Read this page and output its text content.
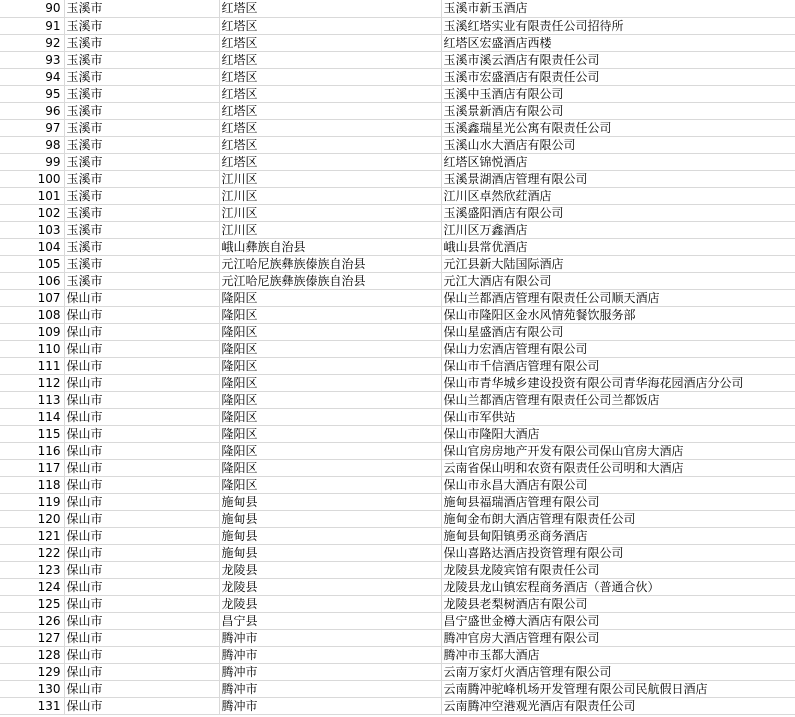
90	玉溪市	红塔区	玉溪市新玉酒店
91	玉溪市	红塔区	玉溪红塔实业有限责任公司招待所
92	玉溪市	红塔区	红塔区宏盛酒店西楼
93	玉溪市	红塔区	玉溪市溪云酒店有限责任公司
94	玉溪市	红塔区	玉溪市宏盛酒店有限责任公司
95	玉溪市	红塔区	玉溪中玉酒店有限公司
96	玉溪市	红塔区	玉溪景新酒店有限公司
97	玉溪市	红塔区	玉溪鑫瑞星光公寓有限责任公司
98	玉溪市	红塔区	玉溪山水大酒店有限公司
99	玉溪市	红塔区	红塔区锦悦酒店
100	玉溪市	江川区	玉溪景湖酒店管理有限公司
101	玉溪市	江川区	江川区卓然欣荭酒店
102	玉溪市	江川区	玉溪盛阳酒店有限公司
103	玉溪市	江川区	江川区万鑫酒店
104	玉溪市	峨山彝族自治县	峨山县常优酒店
105	玉溪市	元江哈尼族彝族傣族自治县	元江县新大陆国际酒店
106	玉溪市	元江哈尼族彝族傣族自治县	元江大酒店有限公司
107	保山市	隆阳区	保山兰都酒店管理有限责任公司顺天酒店
108	保山市	隆阳区	保山市隆阳区金水风情苑餐饮服务部
109	保山市	隆阳区	保山星盛酒店有限公司
110	保山市	隆阳区	保山力宏酒店管理有限公司
111	保山市	隆阳区	保山市千信酒店管理有限公司
112	保山市	隆阳区	保山市青华城乡建设投资有限公司青华海花园酒店分公司
113	保山市	隆阳区	保山兰都酒店管理有限责任公司兰都饭店
114	保山市	隆阳区	保山市军供站
115	保山市	隆阳区	保山市隆阳大酒店
116	保山市	隆阳区	保山官房房地产开发有限公司保山官房大酒店
117	保山市	隆阳区	云南省保山明和农资有限责任公司明和大酒店
118	保山市	隆阳区	保山市永昌大酒店有限公司
119	保山市	施甸县	施甸县福瑞酒店管理有限公司
120	保山市	施甸县	施甸金布朗大酒店管理有限责任公司
121	保山市	施甸县	施甸县甸阳镇勇丞商务酒店
122	保山市	施甸县	保山喜路达酒店投资管理有限公司
123	保山市	龙陵县	龙陵县龙陵宾馆有限责任公司
124	保山市	龙陵县	龙陵县龙山镇宏程商务酒店（普通合伙）
125	保山市	龙陵县	龙陵县老梨树酒店有限公司
126	保山市	昌宁县	昌宁盛世金樽大酒店有限公司
127	保山市	腾冲市	腾冲官房大酒店管理有限公司
128	保山市	腾冲市	腾冲市玉都大酒店
129	保山市	腾冲市	云南万家灯火酒店管理有限公司
130	保山市	腾冲市	云南腾冲驼峰机场开发管理有限公司民航假日酒店
131	保山市	腾冲市	云南腾冲空港观光酒店有限责任公司
